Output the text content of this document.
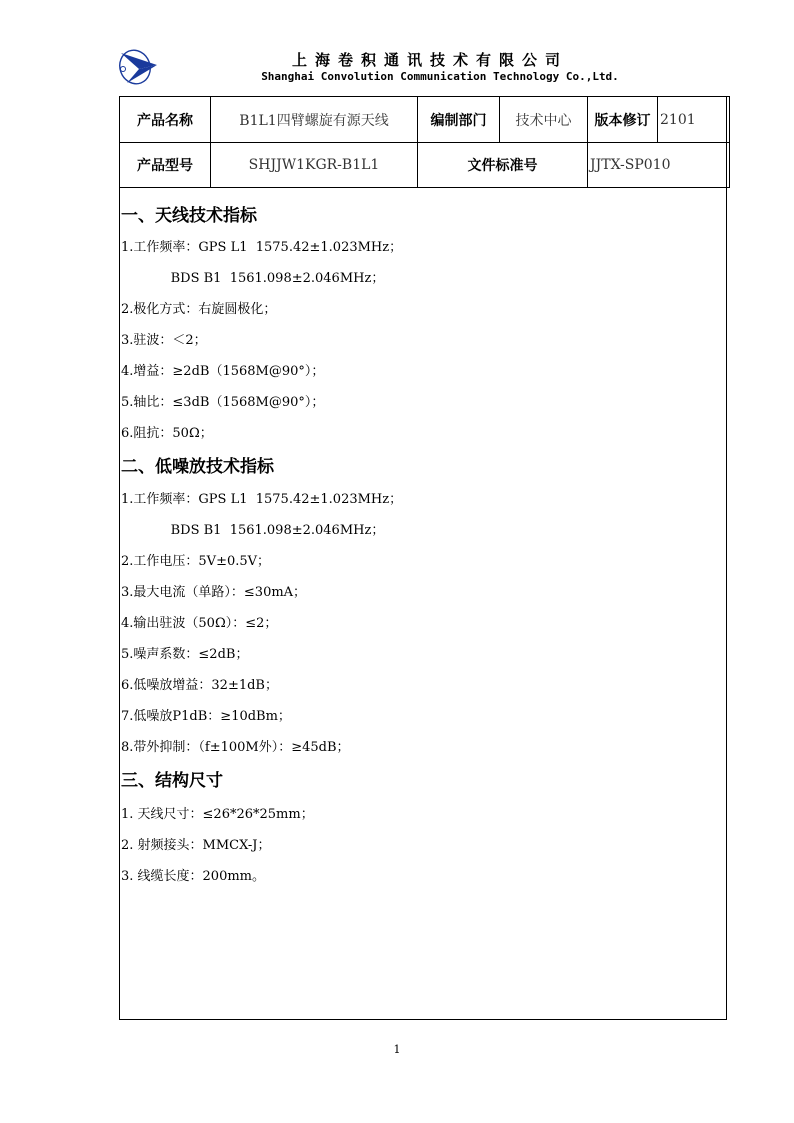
上海卷积通讯技术有限公司
Shanghai Convolution Communication Technology Co.,Ltd.
产品名称	B1L1四臂螺旋有源天线	编制部门	技术中心	版本修订	2101
产品型号	SHJJW1KGR-B1L1	文件标准号		JJTX-SP010	
一、天线技术指标
1.工作频率：GPS L1  1575.42±1.023MHz；
BDS B1  1561.098±2.046MHz；
2.极化方式：右旋圆极化；
3.驻波：＜2；
4.增益：≥2dB（1568M@90°）；
5.轴比：≤3dB（1568M@90°）；
6.阻抗：50Ω；
二、低噪放技术指标
1.工作频率：GPS L1  1575.42±1.023MHz；
BDS B1  1561.098±2.046MHz；
2.工作电压：5V±0.5V；
3.最大电流（单路）：≤30mA；
4.输出驻波（50Ω）：≤2；
5.噪声系数：≤2dB；
6.低噪放增益：32±1dB；
7.低噪放P1dB：≥10dBm；
8.带外抑制：（f±100M外）：≥45dB；
三、结构尺寸
1. 天线尺寸：≤26*26*25mm；
2. 射频接头：MMCX-J；
3. 线缆长度：200mm。
1
